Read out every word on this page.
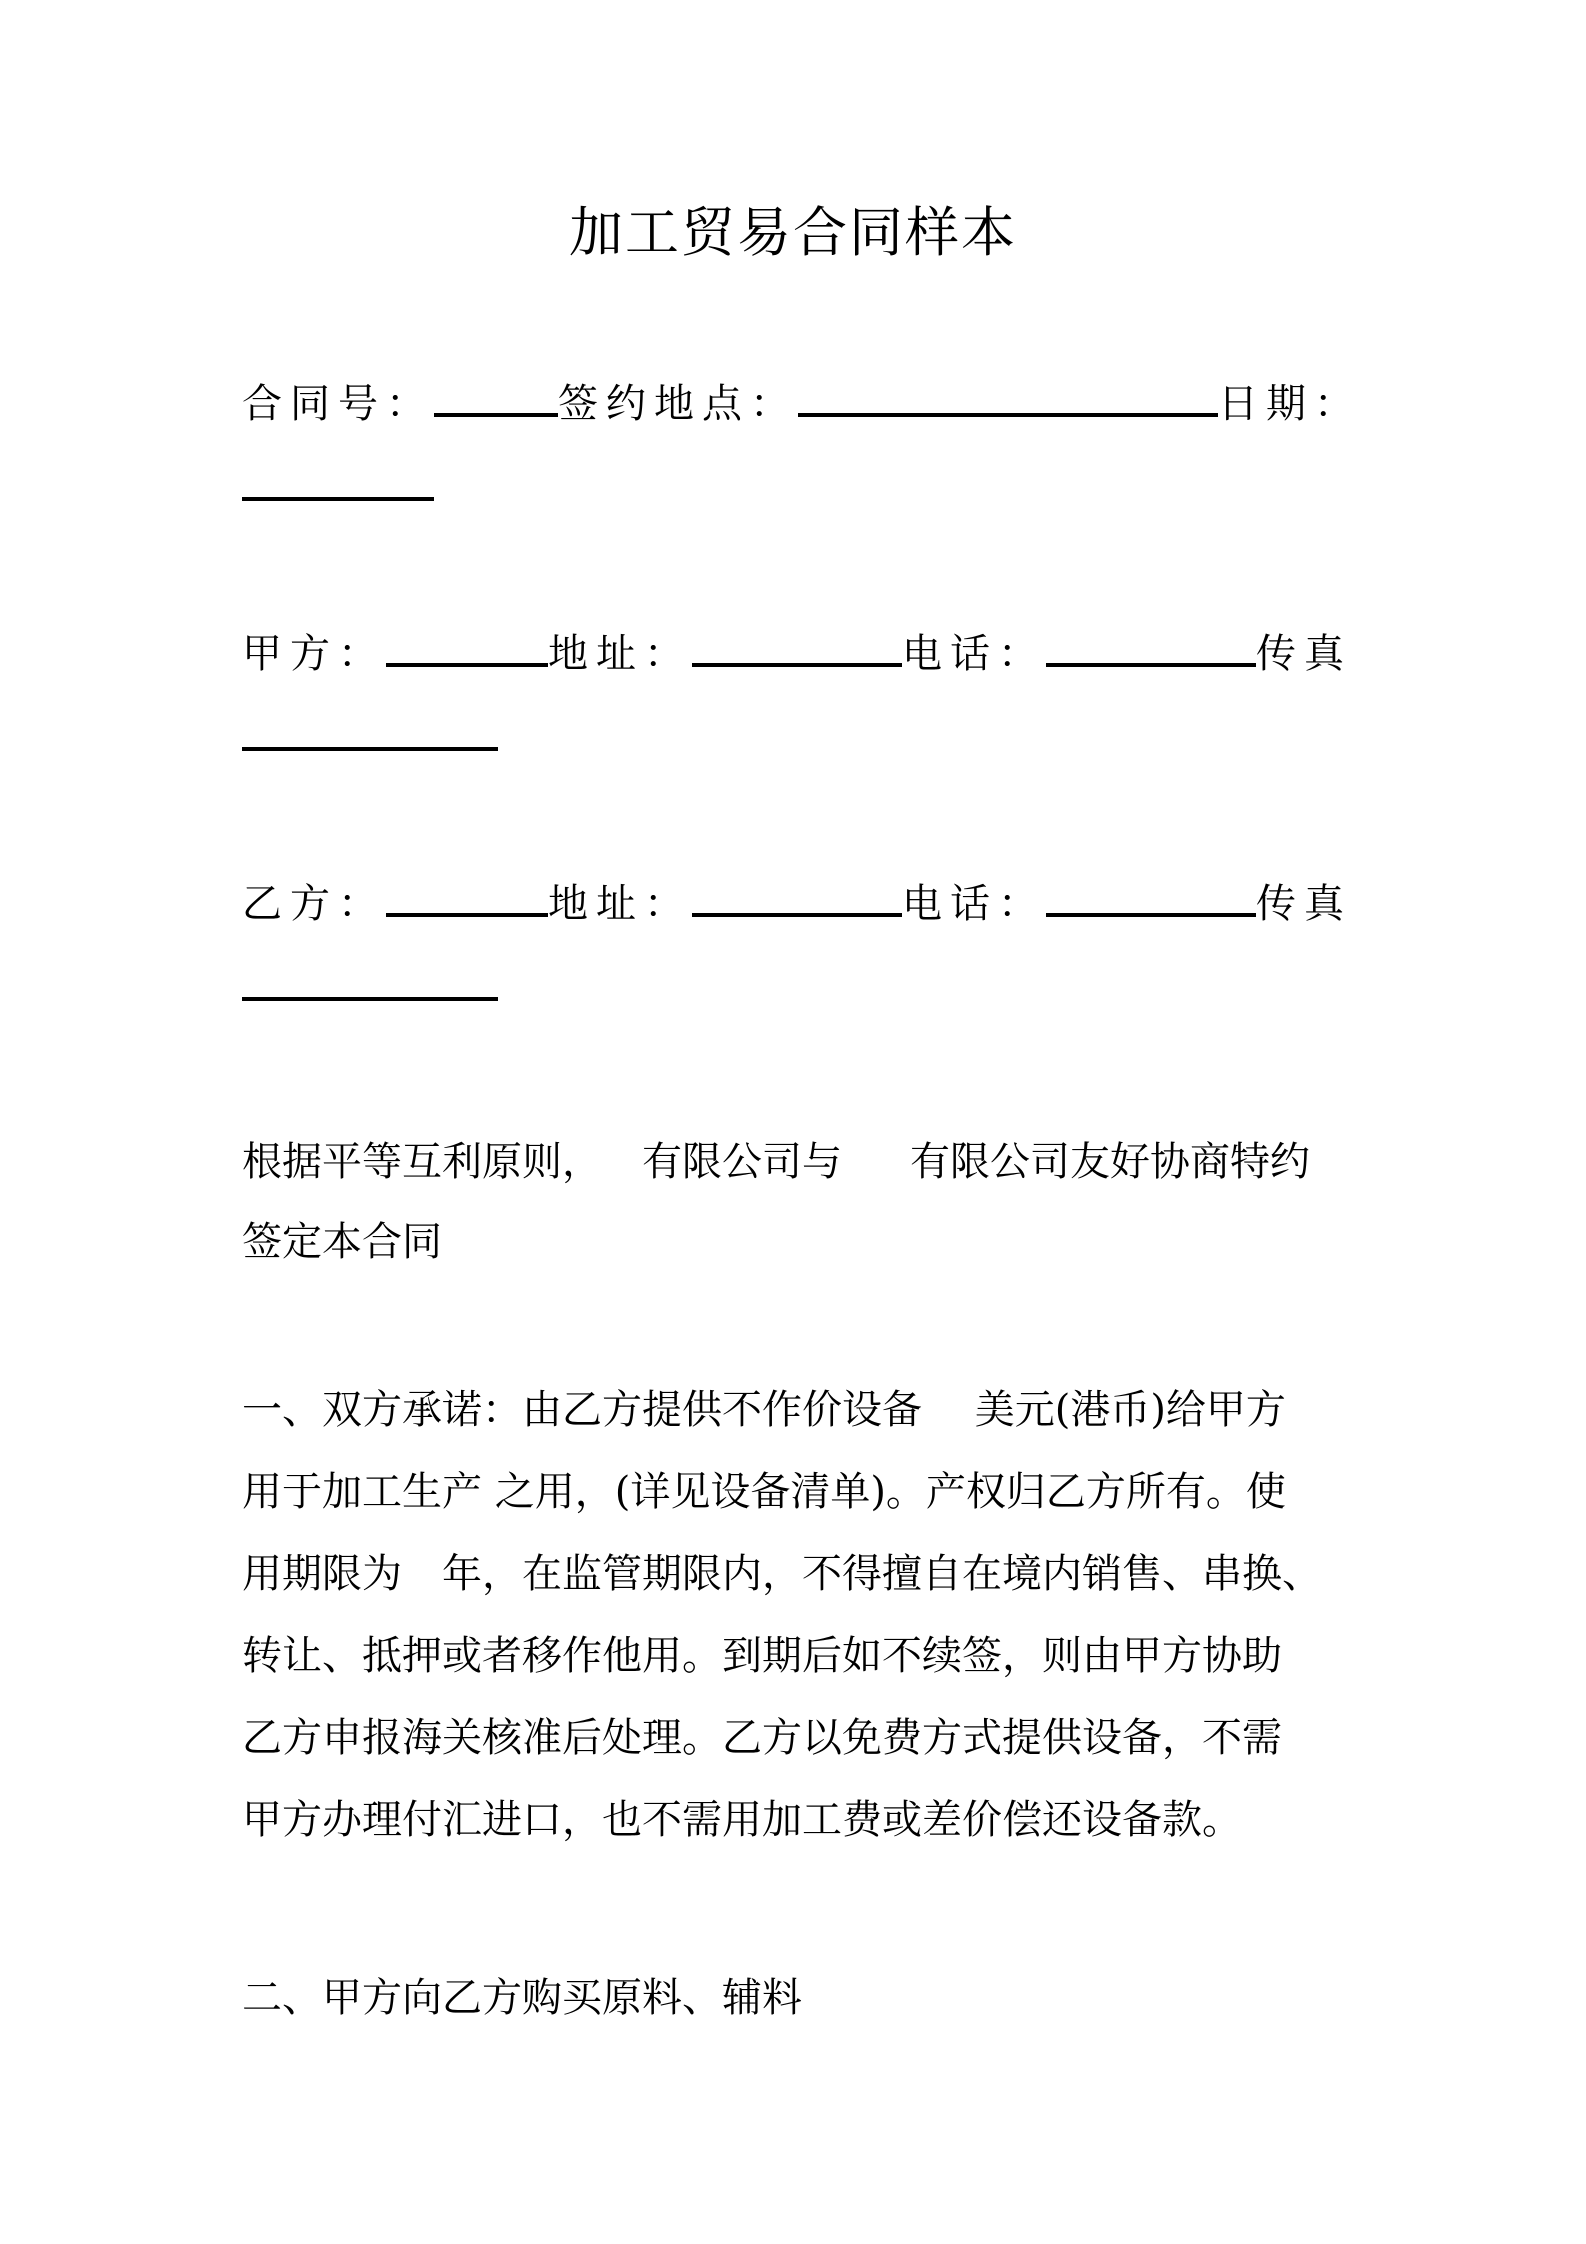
加工贸易合同样本
合同号：	签约地点：	日期：
甲方：	地址：	电话：	传真
乙方：	地址：	电话：	传真
根据平等互利原则， 有限公司与 有限公司友好协商特约
签定本合同
一、双方承诺：由乙方提供不作价设备　 美元(港币)给甲方
用于加工生产 之用，(详见设备清单)。产权归乙方所有。使
用期限为　年，在监管期限内，不得擅自在境内销售、串换、
转让、抵押或者移作他用。到期后如不续签，则由甲方协助
乙方申报海关核准后处理。乙方以免费方式提供设备，不需
甲方办理付汇进口，也不需用加工费或差价偿还设备款。
二、甲方向乙方购买原料、辅料
